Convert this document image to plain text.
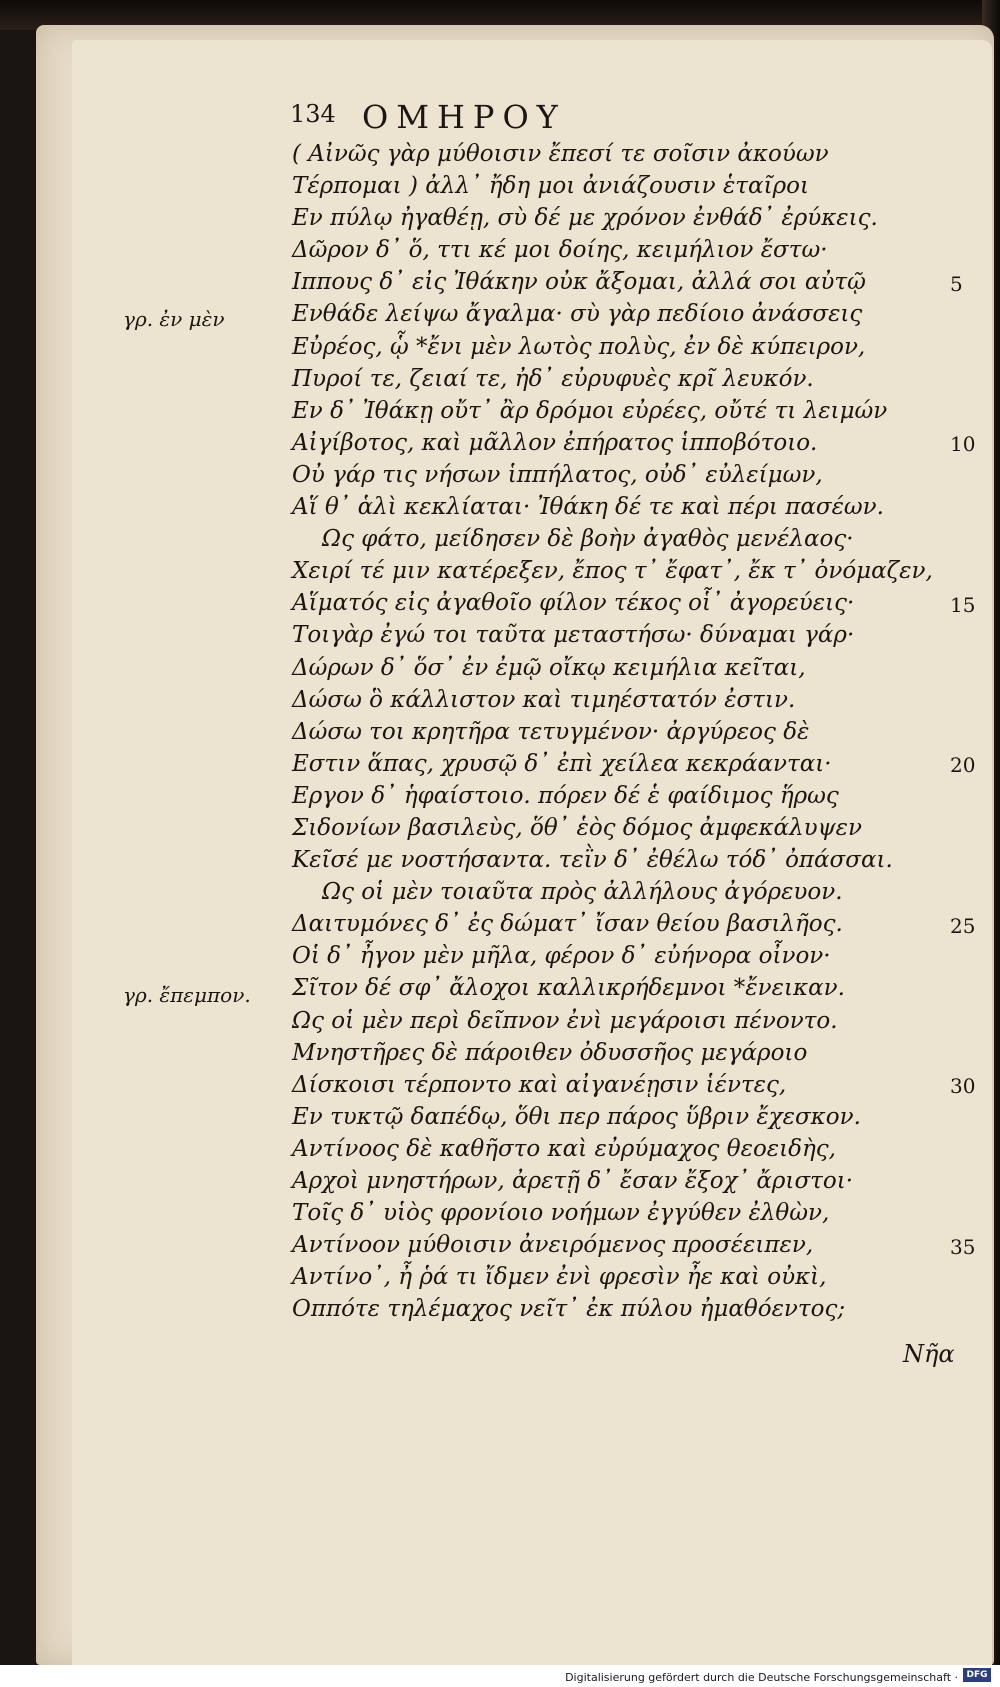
134 ΟΜΗΡΟΥ
γρ. ἐν μὲν
γρ. ἔπεμπον.
( Αἰνῶς γὰρ μύθοισιν ἔπεσί τε σοῖσιν ἀκούων
Τέρπομαι ) ἀλλ᾽ ἤδη μοι ἀνιάζουσιν ἑταῖροι
Εν πύλῳ ἠγαθέῃ, σὺ δέ με χρόνον ἐνθάδ᾽ ἐρύκεις.
Δῶρον δ᾽ ὅ, ττι κέ μοι δοίης, κειμήλιον ἔστω·
Ιππους δ᾽ εἰς Ἰθάκην οὐκ ἄξομαι, ἀλλά σοι αὐτῷ
Ενθάδε λείψω ἄγαλμα· σὺ γὰρ πεδίοιο ἀνάσσεις
Εὐρέος, ᾧ *ἔνι μὲν λωτὸς πολὺς, ἐν δὲ κύπειρον,
Πυροί τε, ζειαί τε, ἠδ᾽ εὐρυφυὲς κρῖ λευκόν.
Εν δ᾽ Ἰθάκῃ οὔτ᾽ ἂρ δρόμοι εὐρέες, οὔτέ τι λειμών
Αἰγίβοτος, καὶ μᾶλλον ἐπήρατος ἱπποβότοιο.
Οὐ γάρ τις νήσων ἱππήλατος, οὐδ᾽ εὐλείμων,
Αἵ θ᾽ ἁλὶ κεκλίαται· Ἰθάκη δέ τε καὶ πέρι πασέων.
Ως φάτο, μείδησεν δὲ βοὴν ἀγαθὸς μενέλαος·
Χειρί τέ μιν κατέρεξεν, ἔπος τ᾽ ἔφατ᾽, ἔκ τ᾽ ὀνόμαζεν,
Αἵματός εἰς ἀγαθοῖο φίλον τέκος οἷ᾽ ἀγορεύεις·
Τοιγὰρ ἐγώ τοι ταῦτα μεταστήσω· δύναμαι γάρ·
Δώρων δ᾽ ὅσ᾽ ἐν ἐμῷ οἴκῳ κειμήλια κεῖται,
Δώσω ὃ κάλλιστον καὶ τιμηέστατόν ἐστιν.
Δώσω τοι κρητῆρα τετυγμένον· ἀργύρεος δὲ
Εστιν ἅπας, χρυσῷ δ᾽ ἐπὶ χείλεα κεκράανται·
Εργον δ᾽ ἡφαίστοιο. πόρεν δέ ἑ φαίδιμος ἥρως
Σιδονίων βασιλεὺς, ὅθ᾽ ἑὸς δόμος ἀμφεκάλυψεν
Κεῖσέ με νοστήσαντα. τεῒν δ᾽ ἐθέλω τόδ᾽ ὀπάσσαι.
Ως οἱ μὲν τοιαῦτα πρὸς ἀλλήλους ἀγόρευον.
Δαιτυμόνες δ᾽ ἐς δώματ᾽ ἴσαν θείου βασιλῆος.
Οἱ δ᾽ ἦγον μὲν μῆλα, φέρον δ᾽ εὐήνορα οἶνον·
Σῖτον δέ σφ᾽ ἄλοχοι καλλικρήδεμνοι *ἔνεικαν.
Ως οἱ μὲν περὶ δεῖπνον ἐνὶ μεγάροισι πένοντο.
Μνηστῆρες δὲ πάροιθεν ὀδυσσῆος μεγάροιο
Δίσκοισι τέρποντο καὶ αἰγανέῃσιν ἱέντες,
Εν τυκτῷ δαπέδῳ, ὅθι περ πάρος ὕβριν ἔχεσκον.
Αντίνοος δὲ καθῆστο καὶ εὐρύμαχος θεοειδὴς,
Αρχοὶ μνηστήρων, ἀρετῇ δ᾽ ἔσαν ἔξοχ᾽ ἄριστοι·
Τοῖς δ᾽ υἱὸς φρονίοιο νοήμων ἐγγύθεν ἐλθὼν,
Αντίνοον μύθοισιν ἀνειρόμενος προσέειπεν,
Αντίνο᾽, ἦ ῥά τι ἴδμεν ἐνὶ φρεσὶν ἦε καὶ οὐκὶ,
Οππότε τηλέμαχος νεῖτ᾽ ἐκ πύλου ἠμαθόεντος;
5
10
15
20
25
30
35
Νῆα
Digitalisierung gefördert durch die Deutsche Forschungsgemeinschaft · DFG
